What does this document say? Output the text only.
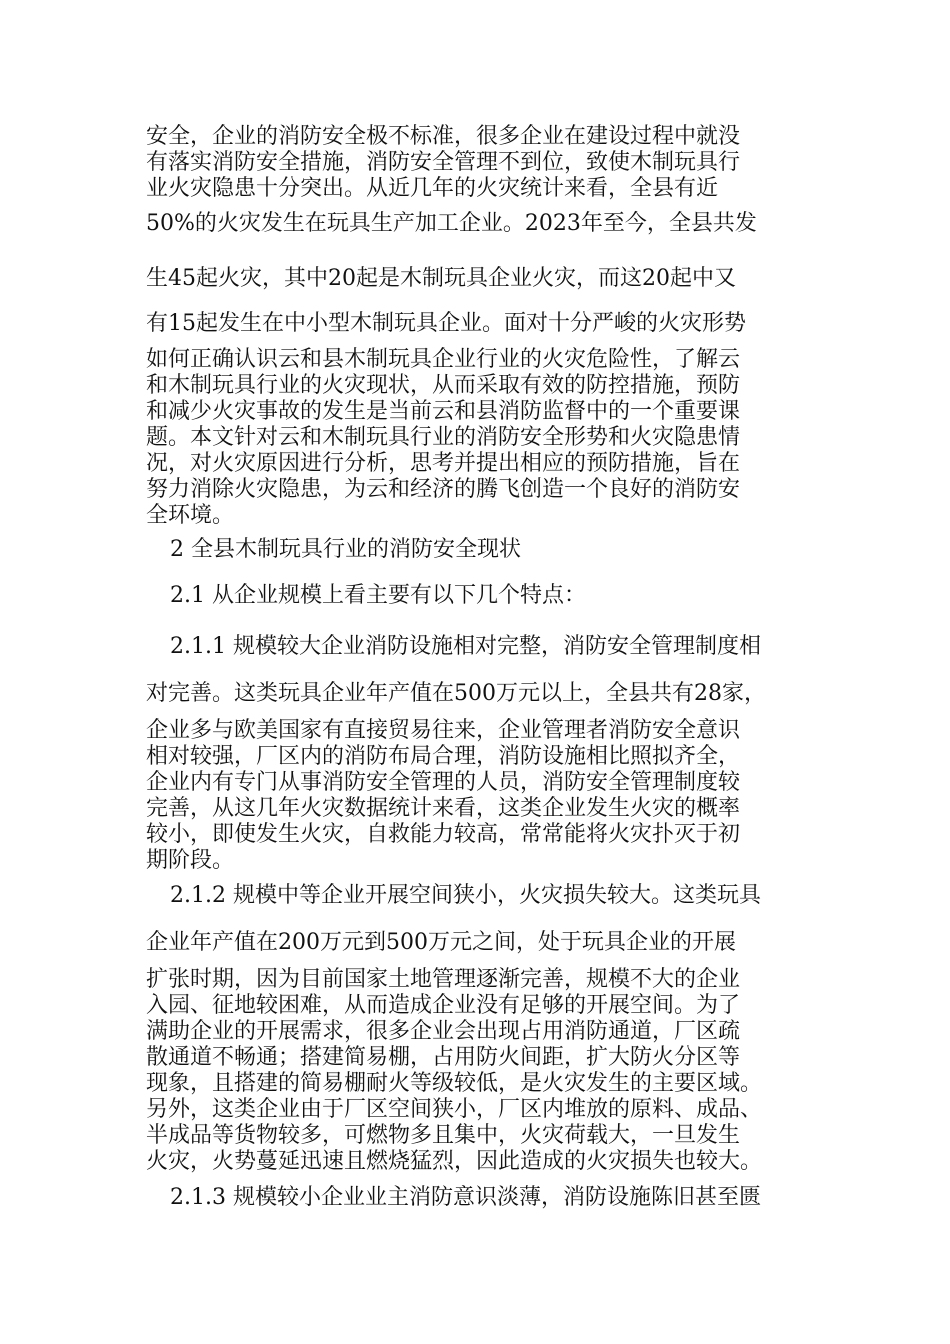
安全，企业的消防安全极不标准，很多企业在建设过程中就没
有落实消防安全措施，消防安全管理不到位，致使木制玩具行
业火灾隐患十分突出。从近几年的火灾统计来看，全县有近
50%的火灾发生在玩具生产加工企业。2023年至今，全县共发
生45起火灾，其中20起是木制玩具企业火灾，而这20起中又
有15起发生在中小型木制玩具企业。面对十分严峻的火灾形势
如何正确认识云和县木制玩具企业行业的火灾危险性，了解云
和木制玩具行业的火灾现状，从而采取有效的防控措施，预防
和减少火灾事故的发生是当前云和县消防监督中的一个重要课
题。本文针对云和木制玩具行业的消防安全形势和火灾隐患情
况，对火灾原因进行分析，思考并提出相应的预防措施，旨在
努力消除火灾隐患，为云和经济的腾飞创造一个良好的消防安
全环境。
2 全县木制玩具行业的消防安全现状
2.1 从企业规模上看主要有以下几个特点：
2.1.1 规模较大企业消防设施相对完整，消防安全管理制度相
对完善。这类玩具企业年产值在500万元以上，全县共有28家，
企业多与欧美国家有直接贸易往来，企业管理者消防安全意识
相对较强，厂区内的消防布局合理，消防设施相比照拟齐全，
企业内有专门从事消防安全管理的人员，消防安全管理制度较
完善，从这几年火灾数据统计来看，这类企业发生火灾的概率
较小，即使发生火灾，自救能力较高，常常能将火灾扑灭于初
期阶段。
2.1.2 规模中等企业开展空间狭小，火灾损失较大。这类玩具
企业年产值在200万元到500万元之间，处于玩具企业的开展
扩张时期，因为目前国家土地管理逐渐完善，规模不大的企业
入园、征地较困难，从而造成企业没有足够的开展空间。为了
满助企业的开展需求，很多企业会出现占用消防通道，厂区疏
散通道不畅通；搭建简易棚，占用防火间距，扩大防火分区等
现象，且搭建的简易棚耐火等级较低，是火灾发生的主要区域。
另外，这类企业由于厂区空间狭小，厂区内堆放的原料、成品、
半成品等货物较多，可燃物多且集中，火灾荷载大，一旦发生
火灾，火势蔓延迅速且燃烧猛烈，因此造成的火灾损失也较大。
2.1.3 规模较小企业业主消防意识淡薄，消防设施陈旧甚至匮
